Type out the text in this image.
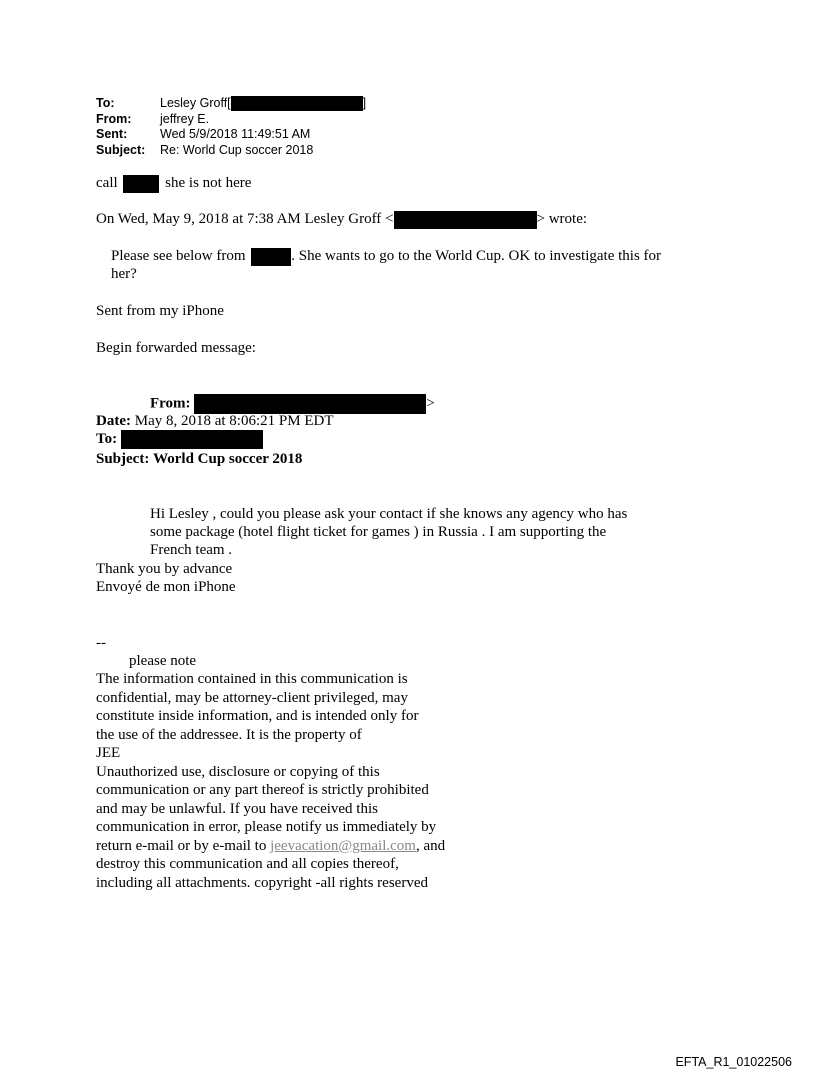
To:	Lesley Groff [	]
From:	jeffrey E.
Sent:	Wed 5/9/2018 11:49:51 AM
Subject:	Re: World Cup soccer 2018
call	she is not here
On Wed, May 9, 2018 at 7:38 AM Lesley Groff <	> wrote:
Please see below from	. She wants to go to the World Cup. OK to investigate this for
her?
Sent from my iPhone
Begin forwarded message:
From:	>
Date: May 8, 2018 at 8:06:21 PM EDT
To:
Subject: World Cup soccer 2018
Hi Lesley , could you please ask your contact if she knows any agency who has
some package (hotel flight ticket for games ) in Russia . I am supporting the
French team .
Thank you by advance
Envoyé de mon iPhone
--
please note
The information contained in this communication is
confidential, may be attorney-client privileged, may
constitute inside information, and is intended only for
the use of the addressee. It is the property of
JEE
Unauthorized use, disclosure or copying of this
communication or any part thereof is strictly prohibited
and may be unlawful. If you have received this
communication in error, please notify us immediately by
return e-mail or by e-mail to jeevacation@gmail.com, and
destroy this communication and all copies thereof,
including all attachments. copyright -all rights reserved
EFTA_R1_01022506
